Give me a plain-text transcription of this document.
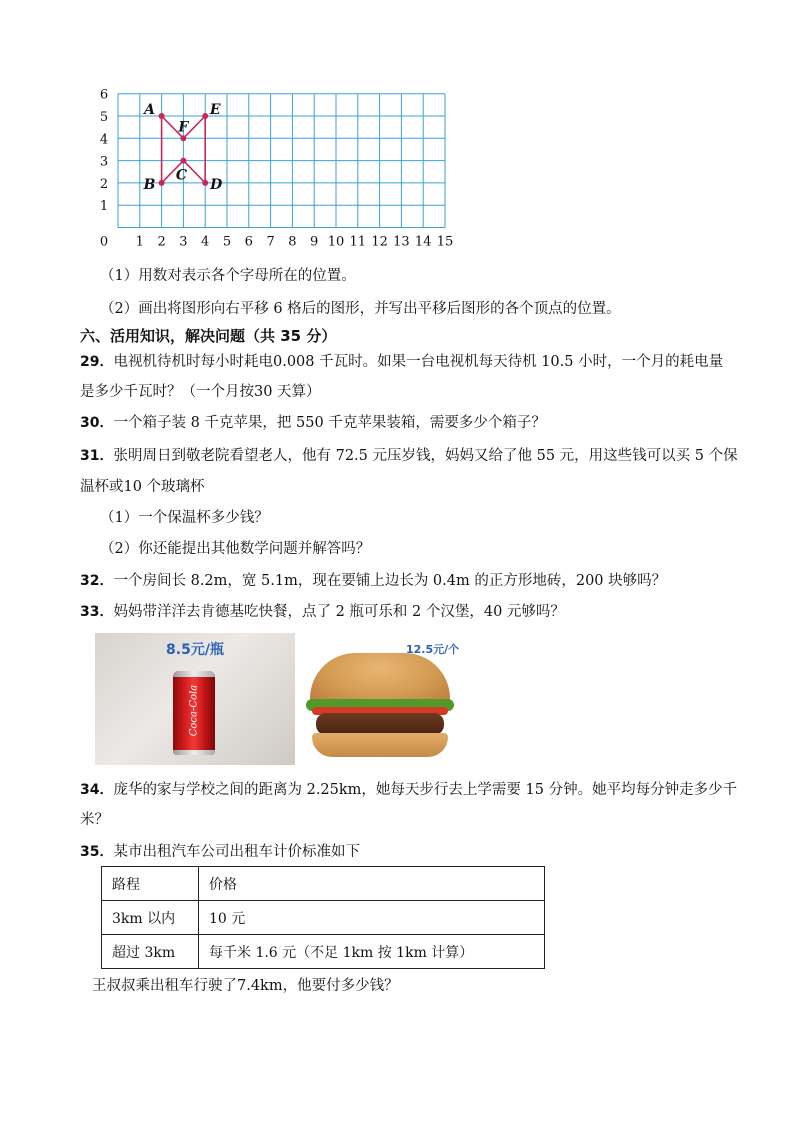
0 1 2 3 4 5 6 7 8 9 10 11 12 13 14 15
1
2
3
4
5
6
A	E
F
C
B	D
（1）用数对表示各个字母所在的位置。
（2）画出将图形向右平移 6 格后的图形，并写出平移后图形的各个顶点的位置。
六、活用知识，解决问题（共 35 分）
29．电视机待机时每小时耗电0.008 千瓦时。如果一台电视机每天待机 10.5 小时，一个月的耗电量
是多少千瓦时？（一个月按30 天算）
30．一个箱子装 8 千克苹果，把 550 千克苹果装箱，需要多少个箱子？
31．张明周日到敬老院看望老人，他有 72.5 元压岁钱，妈妈又给了他 55 元，用这些钱可以买 5 个保
温杯或10 个玻璃杯
（1）一个保温杯多少钱？
（2）你还能提出其他数学问题并解答吗？
32．一个房间长 8.2m，宽 5.1m，现在要铺上边长为 0.4m 的正方形地砖，200 块够吗？
33．妈妈带洋洋去肯德基吃快餐，点了 2 瓶可乐和 2 个汉堡，40 元够吗？
8.5元/瓶
Coca-Cola
12.5元/个
34．庞华的家与学校之间的距离为 2.25km，她每天步行去上学需要 15 分钟。她平均每分钟走多少千
米？
35．某市出租汽车公司出租车计价标准如下
路程	价格
3km 以内	10 元
超过 3km	每千米 1.6 元（不足 1km 按 1km 计算）
王叔叔乘出租车行驶了7.4km，他要付多少钱？
